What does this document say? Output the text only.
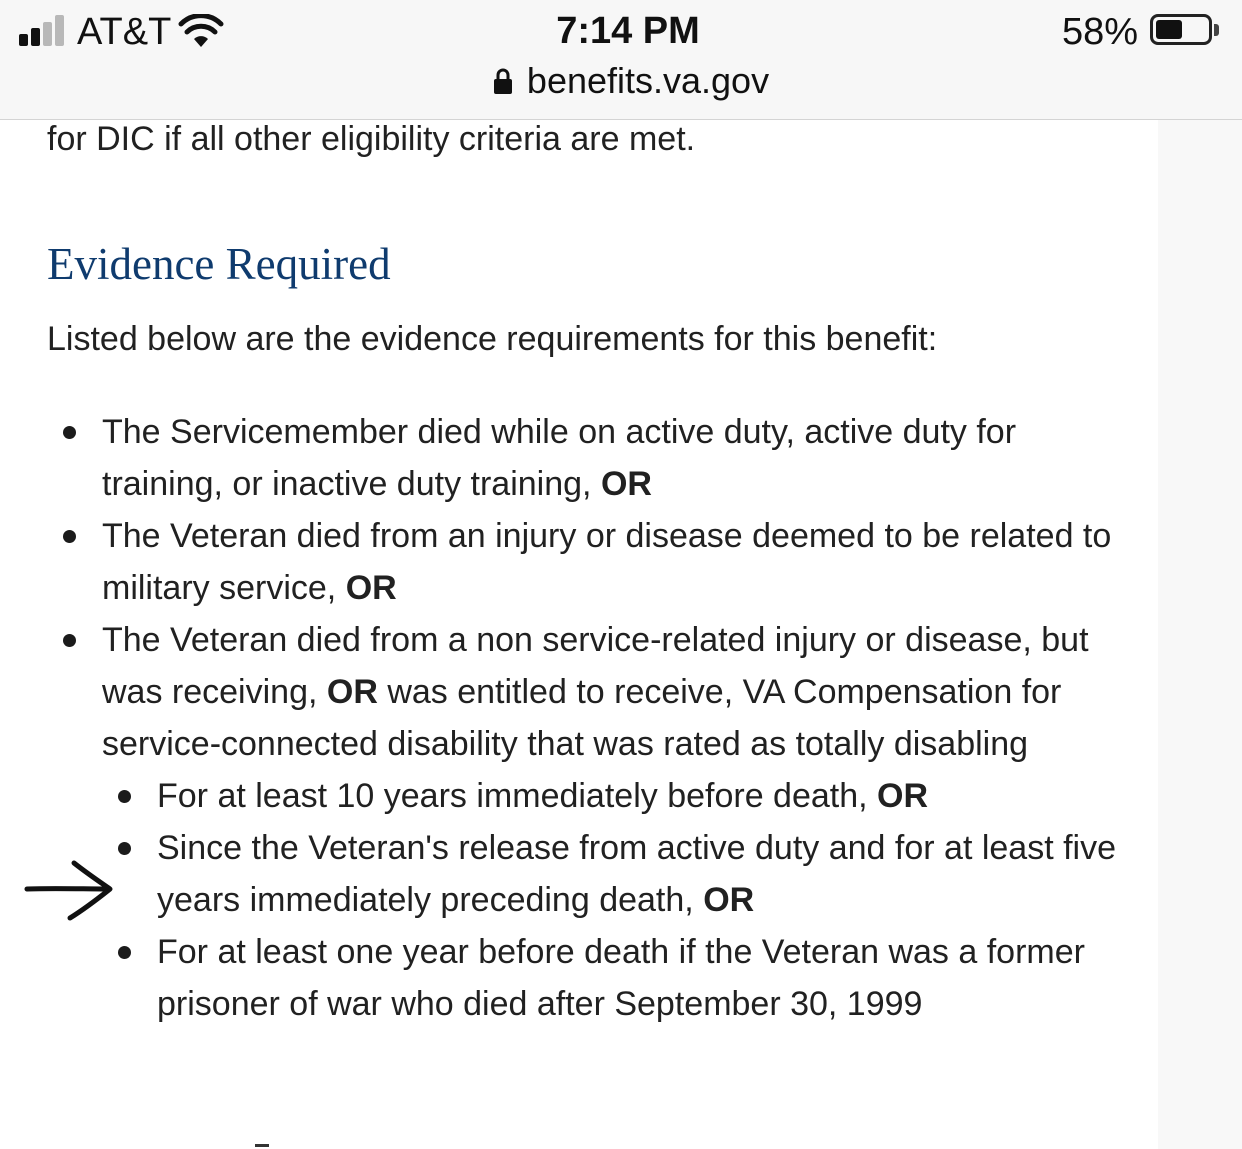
AT&T	7:14 PM	58%
benefits.va.gov

for DIC if all other eligibility criteria are met.

Evidence Required

Listed below are the evidence requirements for this benefit:

The Servicemember died while on active duty, active duty for training, or inactive duty training, OR
The Veteran died from an injury or disease deemed to be related to military service, OR
The Veteran died from a non service-related injury or disease, but was receiving, OR was entitled to receive, VA Compensation for service-connected disability that was rated as totally disabling
For at least 10 years immediately before death, OR
Since the Veteran's release from active duty and for at least five years immediately preceding death, OR
For at least one year before death if the Veteran was a former prisoner of war who died after September 30, 1999
